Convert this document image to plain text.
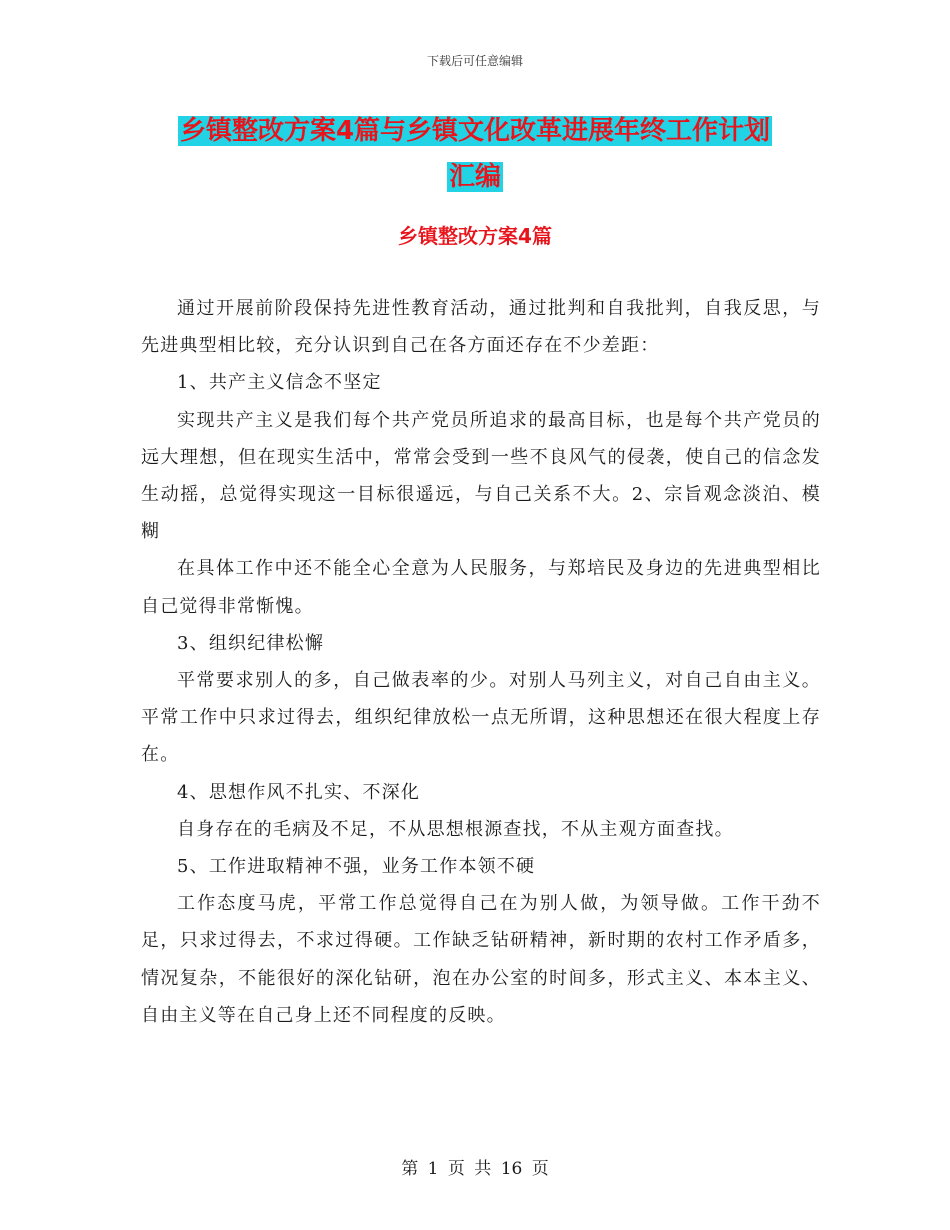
下载后可任意编辑
乡镇整改方案4篇与乡镇文化改革进展年终工作计划
汇编
乡镇整改方案4篇

通过开展前阶段保持先进性教育活动，通过批判和自我批判，自我反思，与先进典型相比较，充分认识到自己在各方面还存在不少差距：

1、共产主义信念不坚定

实现共产主义是我们每个共产党员所追求的最高目标，也是每个共产党员的远大理想，但在现实生活中，常常会受到一些不良风气的侵袭，使自己的信念发生动摇，总觉得实现这一目标很遥远，与自己关系不大。2、宗旨观念淡泊、模糊

在具体工作中还不能全心全意为人民服务，与郑培民及身边的先进典型相比自己觉得非常惭愧。

3、组织纪律松懈

平常要求别人的多，自己做表率的少。对别人马列主义，对自己自由主义。平常工作中只求过得去，组织纪律放松一点无所谓，这种思想还在很大程度上存在。

4、思想作风不扎实、不深化

自身存在的毛病及不足，不从思想根源查找，不从主观方面查找。

5、工作进取精神不强，业务工作本领不硬

工作态度马虎，平常工作总觉得自己在为别人做，为领导做。工作干劲不足，只求过得去，不求过得硬。工作缺乏钻研精神，新时期的农村工作矛盾多，情况复杂，不能很好的深化钻研，泡在办公室的时间多，形式主义、本本主义、自由主义等在自己身上还不同程度的反映。

第 1 页 共 16 页
